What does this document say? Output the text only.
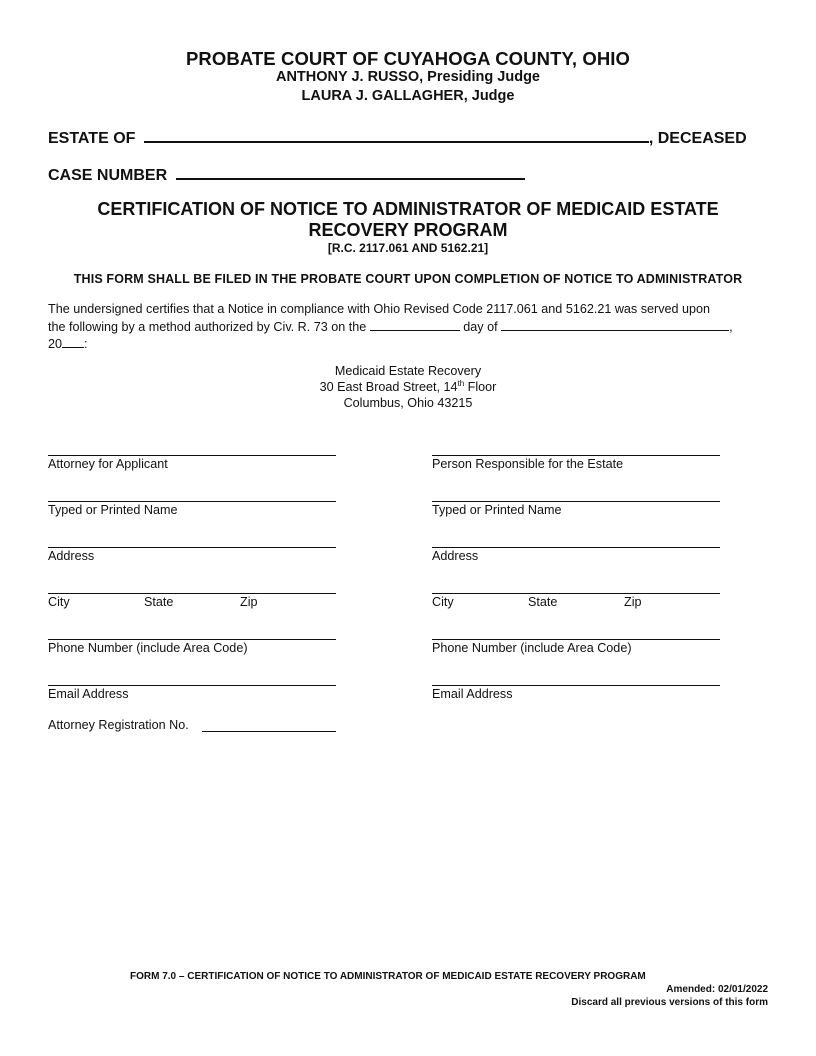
PROBATE COURT OF CUYAHOGA COUNTY, OHIO
ANTHONY J. RUSSO, Presiding Judge
LAURA J. GALLAGHER, Judge
ESTATE OF	, DECEASED
CASE NUMBER
CERTIFICATION OF NOTICE TO ADMINISTRATOR OF MEDICAID ESTATE
RECOVERY PROGRAM
[R.C. 2117.061 AND 5162.21]
THIS FORM SHALL BE FILED IN THE PROBATE COURT UPON COMPLETION OF NOTICE TO ADMINISTRATOR
The undersigned certifies that a Notice in compliance with Ohio Revised Code 2117.061 and 5162.21 was served upon
the following by a method authorized by Civ. R. 73 on the	day of	,
20 :
Medicaid Estate Recovery
30 East Broad Street, 14th Floor
Columbus, Ohio 43215
Attorney for Applicant
Typed or Printed Name
Address
City	State	Zip
Phone Number (include Area Code)
Email Address
Attorney Registration No.
Person Responsible for the Estate
Typed or Printed Name
Address
City	State	Zip
Phone Number (include Area Code)
Email Address
FORM 7.0 – CERTIFICATION OF NOTICE TO ADMINISTRATOR OF MEDICAID ESTATE RECOVERY PROGRAM
Amended: 02/01/2022
Discard all previous versions of this form
